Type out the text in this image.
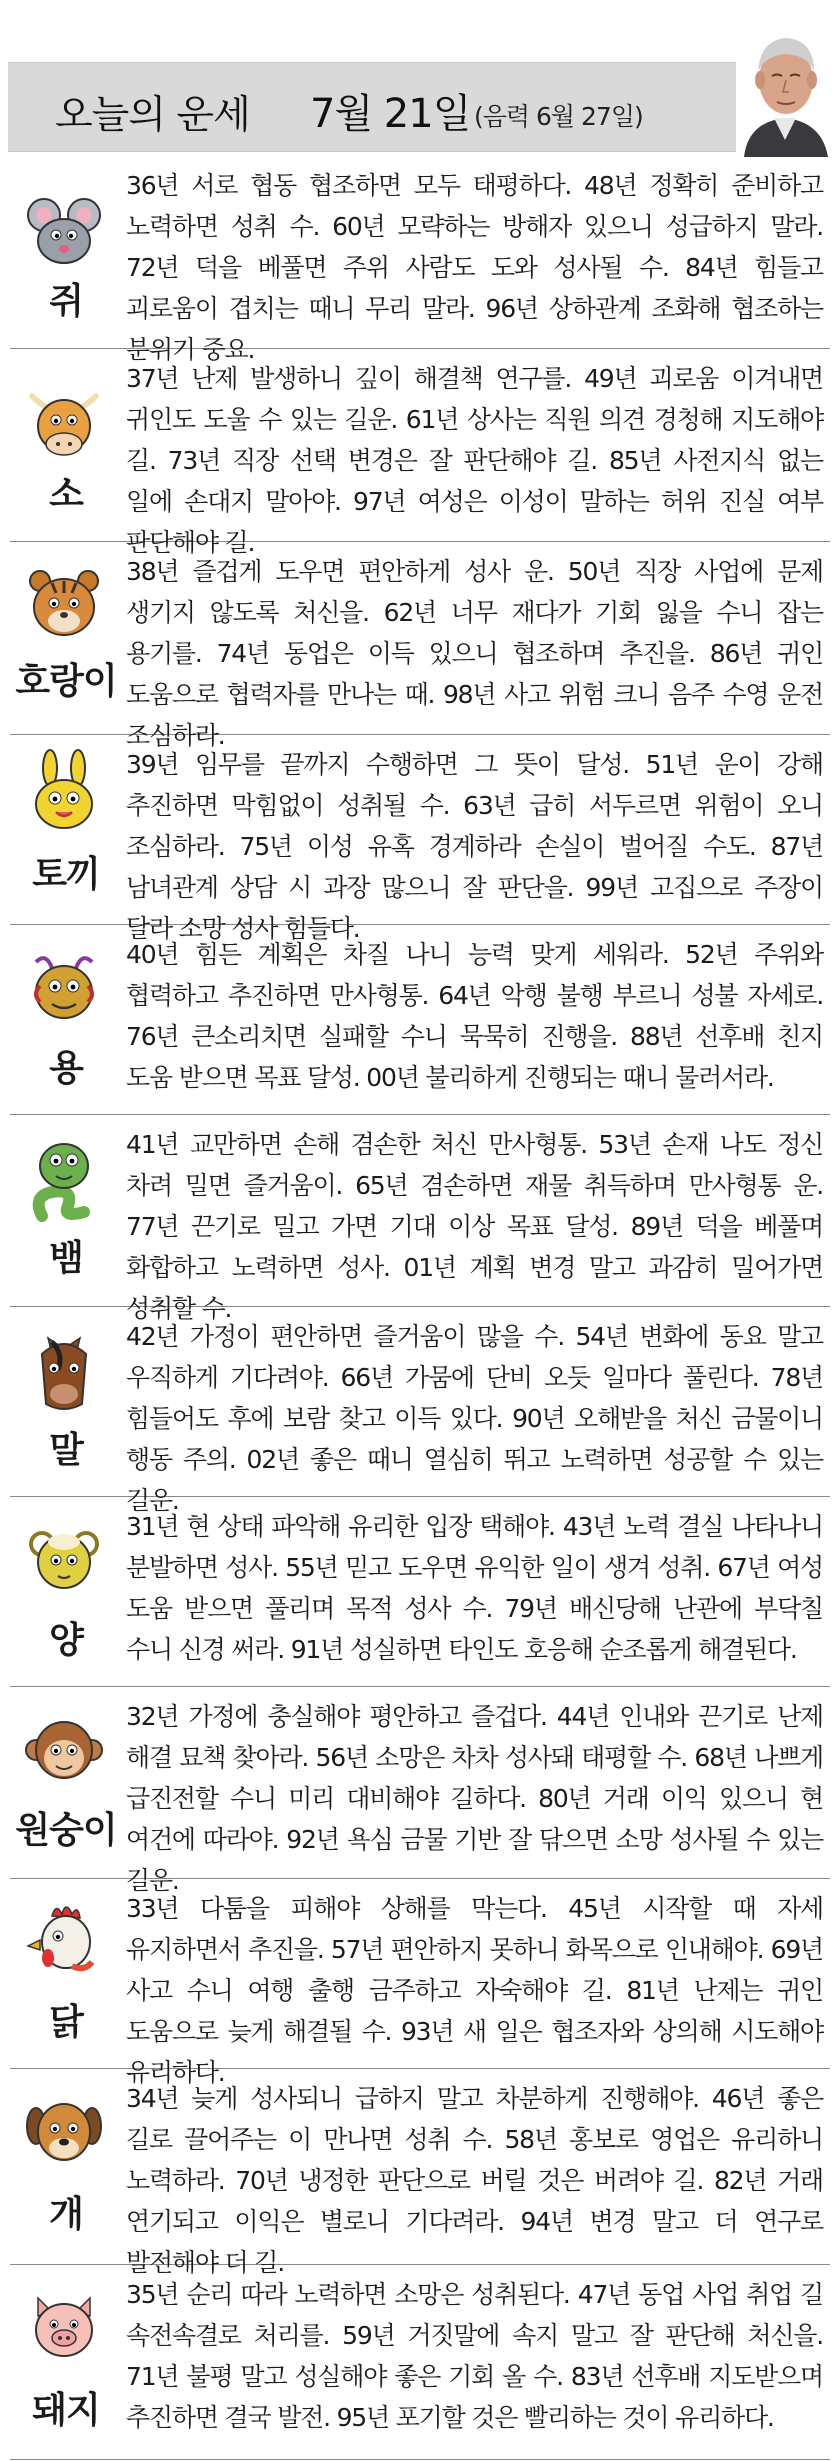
오늘의 운세 7월 21일 (음력 6월 27일)
쥐
36년 서로 협동 협조하면 모두 태평하다. 48년 정확히 준비하고 노력하면 성취 수. 60년 모략하는 방해자 있으니 성급하지 말라. 72년 덕을 베풀면 주위 사람도 도와 성사될 수. 84년 힘들고 괴로움이 겹치는 때니 무리 말라. 96년 상하관계 조화해 협조하는 분위기 중요.
소
37년 난제 발생하니 깊이 해결책 연구를. 49년 괴로움 이겨내면 귀인도 도울 수 있는 길운. 61년 상사는 직원 의견 경청해 지도해야 길. 73년 직장 선택 변경은 잘 판단해야 길. 85년 사전지식 없는 일에 손대지 말아야. 97년 여성은 이성이 말하는 허위 진실 여부 판단해야 길.
호랑이
38년 즐겁게 도우면 편안하게 성사 운. 50년 직장 사업에 문제 생기지 않도록 처신을. 62년 너무 재다가 기회 잃을 수니 잡는 용기를. 74년 동업은 이득 있으니 협조하며 추진을. 86년 귀인 도움으로 협력자를 만나는 때. 98년 사고 위험 크니 음주 수영 운전 조심하라.
토끼
39년 임무를 끝까지 수행하면 그 뜻이 달성. 51년 운이 강해 추진하면 막힘없이 성취될 수. 63년 급히 서두르면 위험이 오니 조심하라. 75년 이성 유혹 경계하라 손실이 벌어질 수도. 87년 남녀관계 상담 시 과장 많으니 잘 판단을. 99년 고집으로 주장이 달라 소망 성사 힘들다.
용
40년 힘든 계획은 차질 나니 능력 맞게 세워라. 52년 주위와 협력하고 추진하면 만사형통. 64년 악행 불행 부르니 성불 자세로. 76년 큰소리치면 실패할 수니 묵묵히 진행을. 88년 선후배 친지 도움 받으면 목표 달성. 00년 불리하게 진행되는 때니 물러서라.
뱀
41년 교만하면 손해 겸손한 처신 만사형통. 53년 손재 나도 정신 차려 밀면 즐거움이. 65년 겸손하면 재물 취득하며 만사형통 운. 77년 끈기로 밀고 가면 기대 이상 목표 달성. 89년 덕을 베풀며 화합하고 노력하면 성사. 01년 계획 변경 말고 과감히 밀어가면 성취할 수.
말
42년 가정이 편안하면 즐거움이 많을 수. 54년 변화에 동요 말고 우직하게 기다려야. 66년 가뭄에 단비 오듯 일마다 풀린다. 78년 힘들어도 후에 보람 찾고 이득 있다. 90년 오해받을 처신 금물이니 행동 주의. 02년 좋은 때니 열심히 뛰고 노력하면 성공할 수 있는 길운.
양
31년 현 상태 파악해 유리한 입장 택해야. 43년 노력 결실 나타나니 분발하면 성사. 55년 믿고 도우면 유익한 일이 생겨 성취. 67년 여성 도움 받으면 풀리며 목적 성사 수. 79년 배신당해 난관에 부닥칠 수니 신경 써라. 91년 성실하면 타인도 호응해 순조롭게 해결된다.
원숭이
32년 가정에 충실해야 평안하고 즐겁다. 44년 인내와 끈기로 난제 해결 묘책 찾아라. 56년 소망은 차차 성사돼 태평할 수. 68년 나쁘게 급진전할 수니 미리 대비해야 길하다. 80년 거래 이익 있으니 현 여건에 따라야. 92년 욕심 금물 기반 잘 닦으면 소망 성사될 수 있는 길운.
닭
33년 다툼을 피해야 상해를 막는다. 45년 시작할 때 자세 유지하면서 추진을. 57년 편안하지 못하니 화목으로 인내해야. 69년 사고 수니 여행 출행 금주하고 자숙해야 길. 81년 난제는 귀인 도움으로 늦게 해결될 수. 93년 새 일은 협조자와 상의해 시도해야 유리하다.
개
34년 늦게 성사되니 급하지 말고 차분하게 진행해야. 46년 좋은 길로 끌어주는 이 만나면 성취 수. 58년 홍보로 영업은 유리하니 노력하라. 70년 냉정한 판단으로 버릴 것은 버려야 길. 82년 거래 연기되고 이익은 별로니 기다려라. 94년 변경 말고 더 연구로 발전해야 더 길.
돼지
35년 순리 따라 노력하면 소망은 성취된다. 47년 동업 사업 취업 길 속전속결로 처리를. 59년 거짓말에 속지 말고 잘 판단해 처신을. 71년 불평 말고 성실해야 좋은 기회 올 수. 83년 선후배 지도받으며 추진하면 결국 발전. 95년 포기할 것은 빨리하는 것이 유리하다.
